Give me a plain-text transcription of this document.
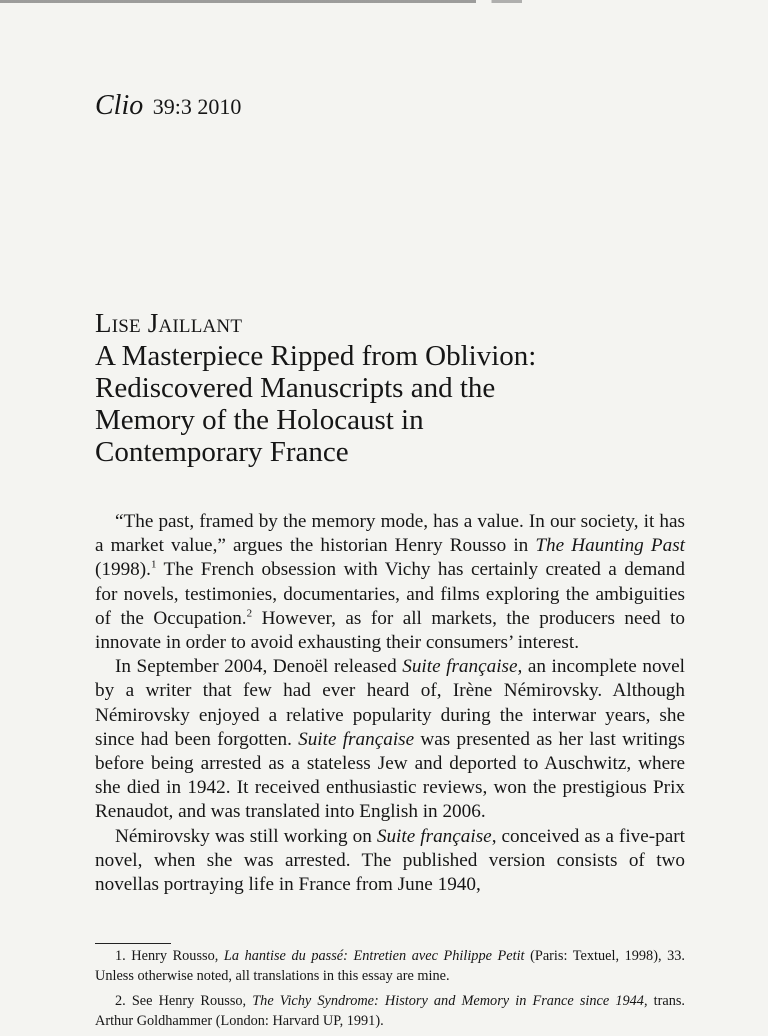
Clio 39:3 2010
Lise Jaillant
A Masterpiece Ripped from Oblivion:
Rediscovered Manuscripts and the
Memory of the Holocaust in
Contemporary France

“The past, framed by the memory mode, has a value. In our society, it has a market value,” argues the historian Henry Rousso in The Haunting Past (1998).$^1$ The French obsession with Vichy has certainly created a demand for novels, testimonies, documentaries, and films exploring the ambiguities of the Occupation.$^2$ However, as for all markets, the producers need to innovate in order to avoid exhausting their consumers’ interest.

In September 2004, Denoël released Suite française, an incomplete novel by a writer that few had ever heard of, Irène Némirovsky. Although Némirovsky enjoyed a relative popularity during the interwar years, she since had been forgotten. Suite française was presented as her last writings before being arrested as a stateless Jew and deported to Auschwitz, where she died in 1942. It received enthusiastic reviews, won the prestigious Prix Renaudot, and was translated into English in 2006.

Némirovsky was still working on Suite française, conceived as a five-part novel, when she was arrested. The published version consists of two novellas portraying life in France from June 1940,

1. Henry Rousso, La hantise du passé: Entretien avec Philippe Petit (Paris: Textuel, 1998), 33. Unless otherwise noted, all translations in this essay are mine.

2. See Henry Rousso, The Vichy Syndrome: History and Memory in France since 1944, trans. Arthur Goldhammer (London: Harvard UP, 1991).
